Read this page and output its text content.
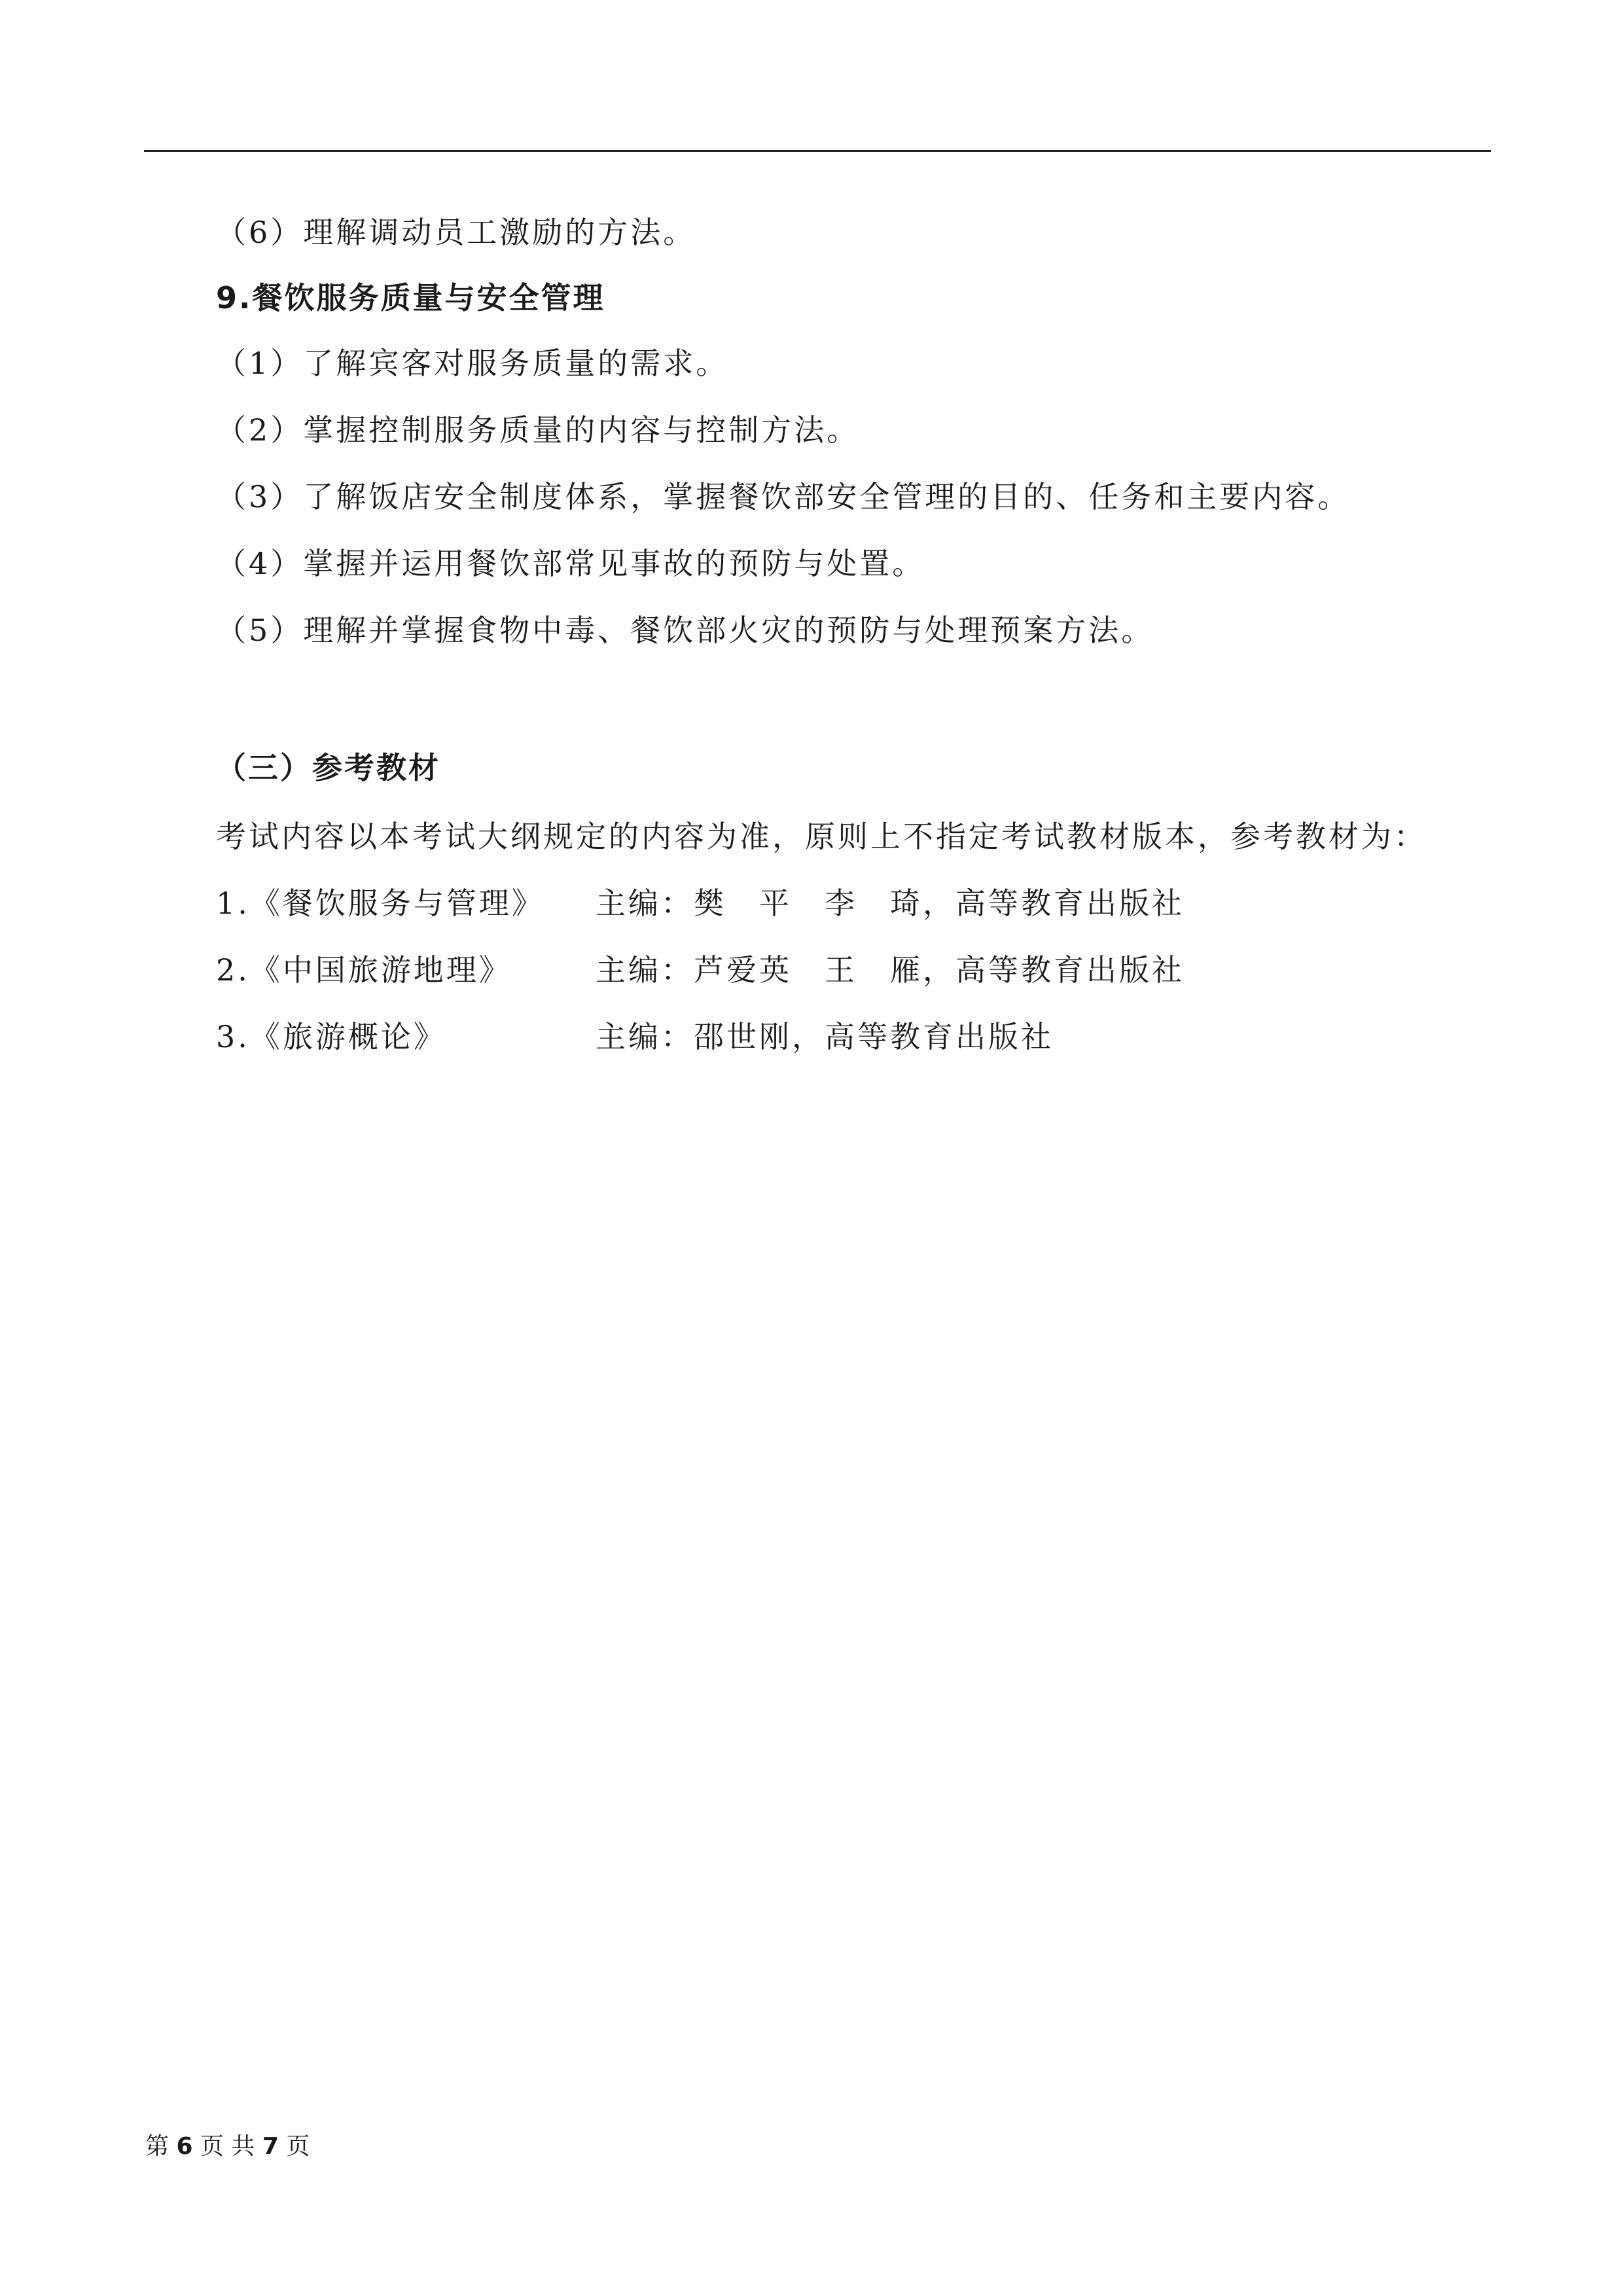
（6）理解调动员工激励的方法。
9.餐饮服务质量与安全管理
（1）了解宾客对服务质量的需求。
（2）掌握控制服务质量的内容与控制方法。
（3）了解饭店安全制度体系，掌握餐饮部安全管理的目的、任务和主要内容。
（4）掌握并运用餐饮部常见事故的预防与处置。
（5）理解并掌握食物中毒、餐饮部火灾的预防与处理预案方法。
（三）参考教材
考试内容以本考试大纲规定的内容为准，原则上不指定考试教材版本，参考教材为：
1.《餐饮服务与管理》 主编：樊　平　李　琦，高等教育出版社
2.《中国旅游地理》	主编：芦爱英　王　雁，高等教育出版社
3.《旅游概论》	主编：邵世刚，高等教育出版社
第 6 页 共 7 页
